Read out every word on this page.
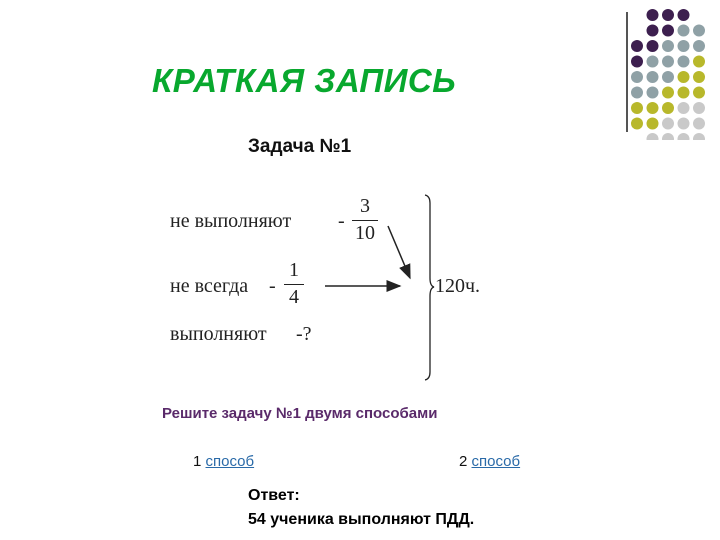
КРАТКАЯ ЗАПИСЬ
Задача №1
не выполняют -
3
10
не всегда -
1
4
выполняют -?
120ч.
Решите задачу №1 двумя способами
1 способ	2 способ
Ответ:
54 ученика выполняют ПДД.
